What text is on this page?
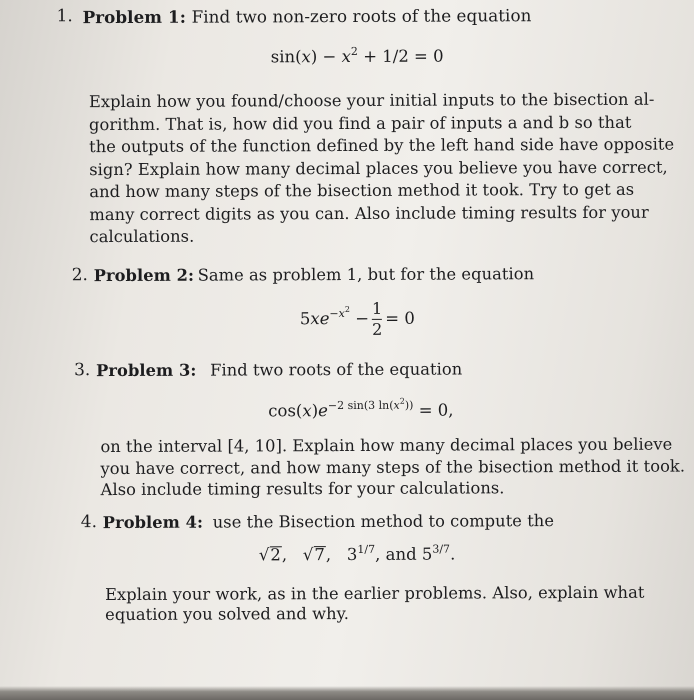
1. Problem 1: Find two non-zero roots of the equation
$\sin(x) - x^2 + 1/2 = 0$
Explain how you found/choose your initial inputs to the bisection al-
gorithm. That is, how did you find a pair of inputs a and b so that
the outputs of the function defined by the left hand side have opposite
sign? Explain how many decimal places you believe you have correct,
and how many steps of the bisection method it took. Try to get as
many correct digits as you can. Also include timing results for your
calculations.
2. Problem 2: Same as problem 1, but for the equation
$5xe^{-x^2} - \frac{1}{2} = 0$
3. Problem 3: Find two roots of the equation
$\cos(x)e^{-2 sin(3 ln(x^2))} = 0$,
on the interval [4, 10]. Explain how many decimal places you believe
you have correct, and how many steps of the bisection method it took.
Also include timing results for your calculations.
4. Problem 4: use the Bisection method to compute the
√2,   √7,   $3^{1/7}$, and $5^{3/7}$.
Explain your work, as in the earlier problems. Also, explain what
equation you solved and why.
